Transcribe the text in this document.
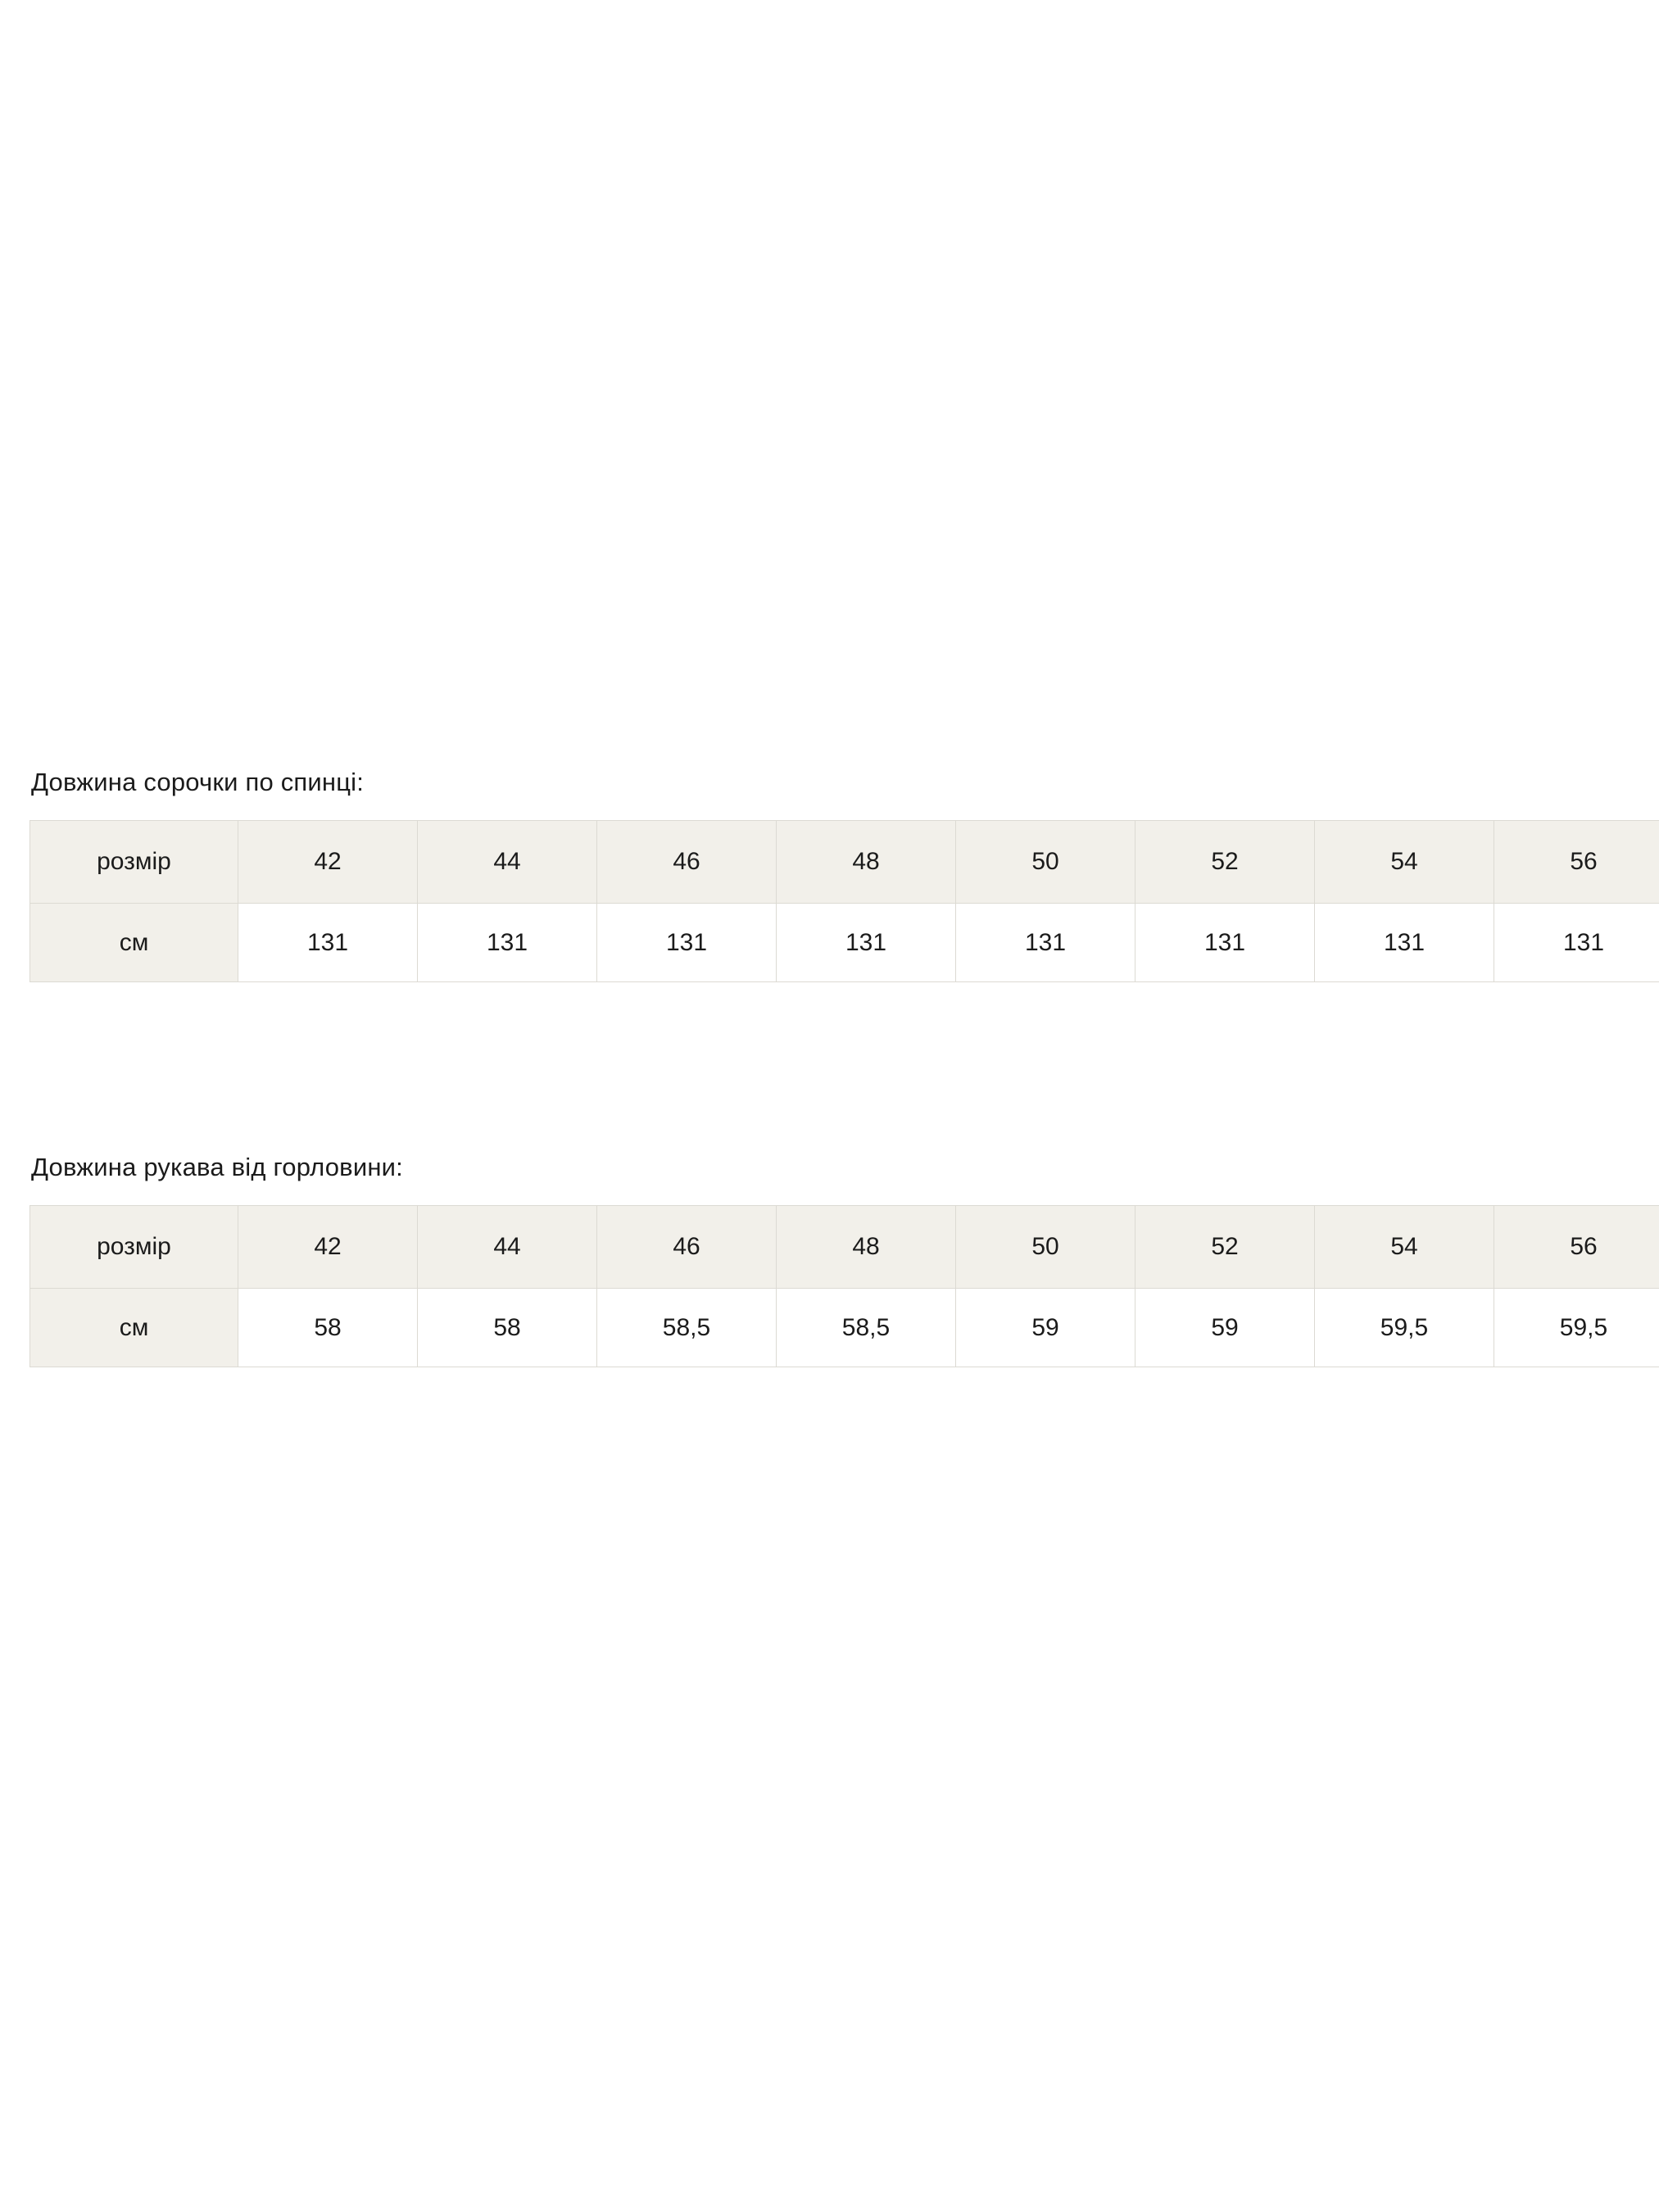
Довжина сорочки по спинці:

розмір	42	44	46	48	50	52	54	56
см	131	131	131	131	131	131	131	131

Довжина рукава від горловини:

розмір	42	44	46	48	50	52	54	56
см	58	58	58,5	58,5	59	59	59,5	59,5
